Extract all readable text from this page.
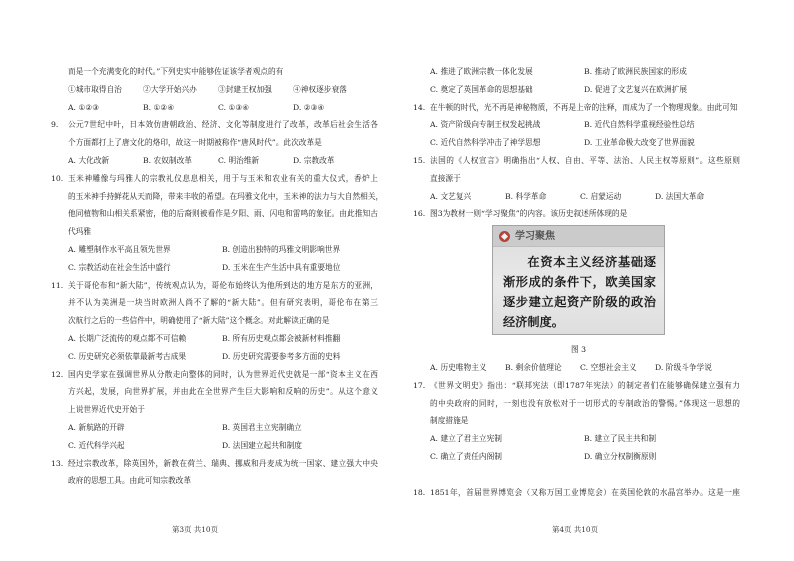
而是一个充满变化的时代。”下列史实中能够佐证该学者观点的有
①城市取得自治	②大学开始兴办	③封建王权加强	④神权逐步衰落
A. ①②③	B. ①②④	C. ①③④	D. ②③④
9. 公元7世纪中叶，日本效仿唐朝政治、经济、文化等制度进行了改革，改革后社会生活各
个方面都打上了唐文化的烙印，故这一时期被称作“唐风时代”。此次改革是
A. 大化改新	B. 农奴制改革	C. 明治维新	D. 宗教改革
10. 玉米神雕像与玛雅人的宗教礼仪息息相关，用于与玉米和农业有关的重大仪式，香炉上
的玉米神手持鲜花从天而降，带来丰收的希望。在玛雅文化中，玉米神的法力与大自然相关，
他同植物和山相关系紧密，他的后裔则被看作是夕阳、雨、闪电和雷鸣的象征。由此推知古
代玛雅
A. 雕塑制作水平高且领先世界	B. 创造出独特的玛雅文明影响世界
C. 宗教活动在社会生活中盛行	D. 玉米在生产生活中具有重要地位
11. 关于哥伦布和“新大陆”，传统观点认为，哥伦布始终认为他所到达的地方是东方的亚洲，
并不认为美洲是一块当时欧洲人尚不了解的“新大陆”。但有研究表明，哥伦布在第三
次航行之后的一些信件中，明确使用了“新大陆”这个概念。对此解读正确的是
A. 长期广泛流传的观点都不可信赖	B. 所有历史观点都会被新材料推翻
C. 历史研究必须依靠最新考古成果	D. 历史研究需要参考多方面的史料
12. 国内史学家在强调世界从分散走向整体的同时，认为世界近代史就是一部“资本主义在西
方兴起，发展，向世界扩展，并由此在全世界产生巨大影响和反响的历史”。从这个意义
上说世界近代史开始于
A. 新航路的开辟	B. 英国君主立宪制确立
C. 近代科学兴起	D. 法国建立起共和制度
13. 经过宗教改革，除英国外，新教在荷兰、瑞典、挪威和丹麦成为统一国家、建立强大中央
政府的思想工具。由此可知宗教改革
第3页 共10页
A. 推进了欧洲宗教一体化发展	B. 推动了欧洲民族国家的形成
C. 奠定了英国革命的思想基础	D. 促进了文艺复兴在欧洲扩展
14. 在牛顿的时代，光不再是神秘物质，不再是上帝的注释，而成为了一个物理现象。由此可知
A. 资产阶级向专制王权发起挑战	B. 近代自然科学重视经验性总结
C. 近代自然科学冲击了神学思想	D. 工业革命极大改变了世界面貌
15. 法国的《人权宣言》明确指出“人权、自由、平等、法治、人民主权等原则”。这些原则
直接源于
A. 文艺复兴	B. 科学革命	C. 启蒙运动	D. 法国大革命
16. 图3为教材一则“学习聚焦”的内容。该历史叙述所体现的是
学习聚焦
在资本主义经济基础逐
渐形成的条件下，欧美国家
逐步建立起资产阶级的政治
经济制度。
图 3
A. 历史唯物主义	B. 剩余价值理论	C. 空想社会主义	D. 阶级斗争学说
17. 《世界文明史》指出：“联邦宪法（即1787年宪法）的制定者们在能够确保建立强有力
的中央政府的同时，一刻也没有放松对于一切形式的专制政治的警惕。”体现这一思想的
制度措施是
A. 建立了君主立宪制	B. 建立了民主共和制
C. 确立了责任内阁制	D. 确立分权制衡原则
18. 1851年，首届世界博览会（又称万国工业博览会）在英国伦敦的水晶宫举办。这是一座
第4页 共10页
